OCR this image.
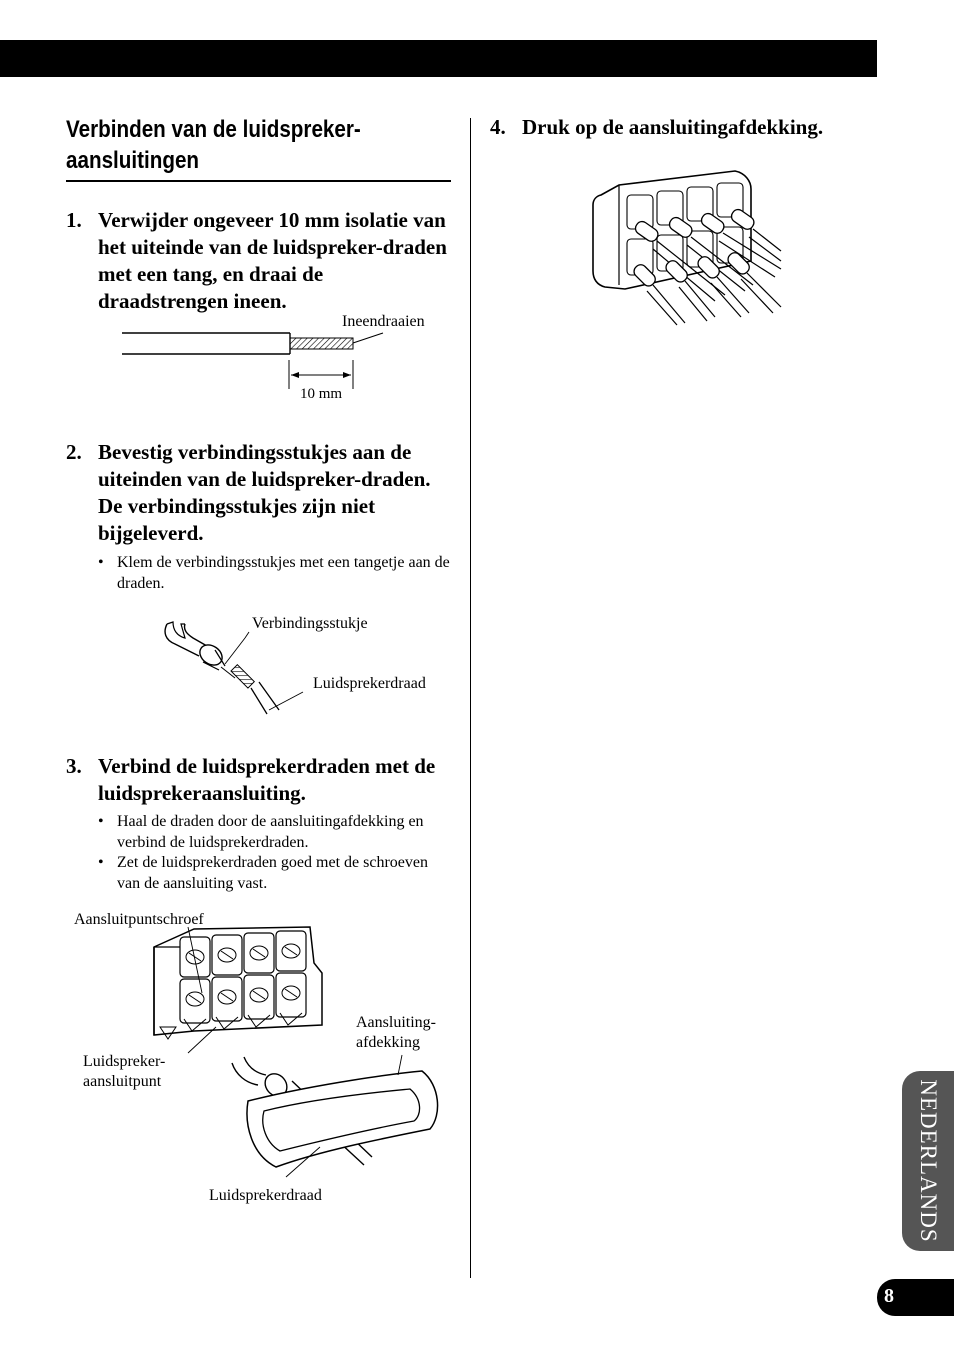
Verbinden van de luidspreker-
aansluitingen
1. Verwijder ongeveer 10 mm isolatie van het uiteinde van de luidspreker-draden met een tang, en draai de draadstrengen ineen.
Ineendraaien
10 mm
2. Bevestig verbindingsstukjes aan de uiteinden van de luidspreker-draden. De verbindingsstukjes zijn niet bijgeleverd.
• Klem de verbindingsstukjes met een tangetje aan de draden.
Verbindingsstukje
Luidsprekerdraad
3. Verbind de luidsprekerdraden met de luidsprekeraansluiting.
• Haal de draden door de aansluitingafdekking en verbind de luidsprekerdraden.
• Zet de luidsprekerdraden goed met de schroeven van de aansluiting vast.
Aansluitpuntschroef
Luidspreker-
aansluitpunt
Aansluiting-
afdekking
Luidsprekerdraad
4. Druk op de aansluitingafdekking.
NEDERLANDS
8
